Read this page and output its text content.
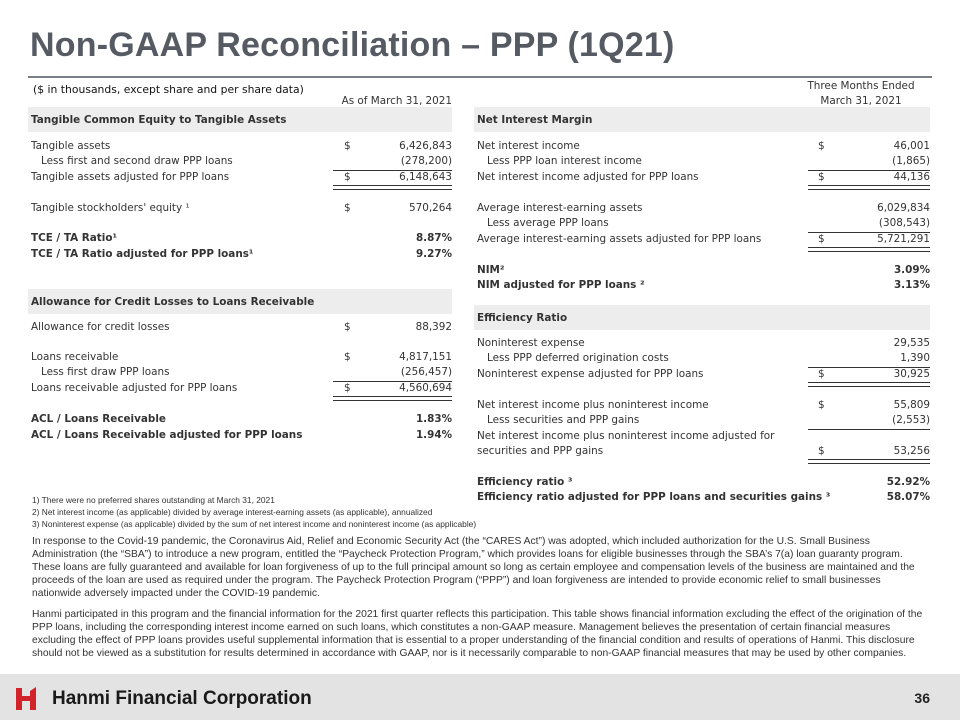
Non-GAAP Reconciliation – PPP (1Q21)
($ in thousands, except share and per share data)
As of March 31, 2021
Tangible Common Equity to Tangible Assets
Tangible assets	$	6,426,843
Less first and second draw PPP loans	(278,200)
Tangible assets adjusted for PPP loans	$	6,148,643
Tangible stockholders' equity ¹	$	570,264
TCE / TA Ratio¹	8.87%
TCE / TA Ratio adjusted for PPP loans¹	9.27%
Allowance for Credit Losses to Loans Receivable
Allowance for credit losses	$	88,392
Loans receivable	$	4,817,151
Less first draw PPP loans	(256,457)
Loans receivable adjusted for PPP loans	$	4,560,694
ACL / Loans Receivable	1.83%
ACL / Loans Receivable adjusted for PPP loans	1.94%
Three Months Ended
March 31, 2021
Net Interest Margin
Net interest income	$	46,001
Less PPP loan interest income	(1,865)
Net interest income adjusted for PPP loans	$	44,136
Average interest-earning assets	6,029,834
Less average PPP loans	(308,543)
Average interest-earning assets adjusted for PPP loans	$	5,721,291
NIM²	3.09%
NIM adjusted for PPP loans ²	3.13%
Efficiency Ratio
Noninterest expense	29,535
Less PPP deferred origination costs	1,390
Noninterest expense adjusted for PPP loans	$	30,925
Net interest income plus noninterest income	$	55,809
Less securities and PPP gains	(2,553)
Net interest income plus noninterest income adjusted for
securities and PPP gains	$	53,256
Efficiency ratio ³	52.92%
Efficiency ratio adjusted for PPP loans and securities gains ³	58.07%
1) There were no preferred shares outstanding at March 31, 2021
2) Net interest income (as applicable) divided by average interest-earning assets (as applicable), annualized
3) Noninterest expense (as applicable) divided by the sum of net interest income and noninterest income (as applicable)
In response to the Covid-19 pandemic, the Coronavirus Aid, Relief and Economic Security Act (the “CARES Act”) was adopted, which included authorization for the U.S. Small Business Administration (the “SBA”) to introduce a new program, entitled the “Paycheck Protection Program,” which provides loans for eligible businesses through the SBA’s 7(a) loan guaranty program. These loans are fully guaranteed and available for loan forgiveness of up to the full principal amount so long as certain employee and compensation levels of the business are maintained and the proceeds of the loan are used as required under the program. The Paycheck Protection Program (“PPP”) and loan forgiveness are intended to provide economic relief to small businesses nationwide adversely impacted under the COVID-19 pandemic.
Hanmi participated in this program and the financial information for the 2021 first quarter reflects this participation. This table shows financial information excluding the effect of the origination of the PPP loans, including the corresponding interest income earned on such loans, which constitutes a non-GAAP measure. Management believes the presentation of certain financial measures excluding the effect of PPP loans provides useful supplemental information that is essential to a proper understanding of the financial condition and results of operations of Hanmi. This disclosure should not be viewed as a substitution for results determined in accordance with GAAP, nor is it necessarily comparable to non-GAAP financial measures that may be used by other companies.
Hanmi Financial Corporation	36
